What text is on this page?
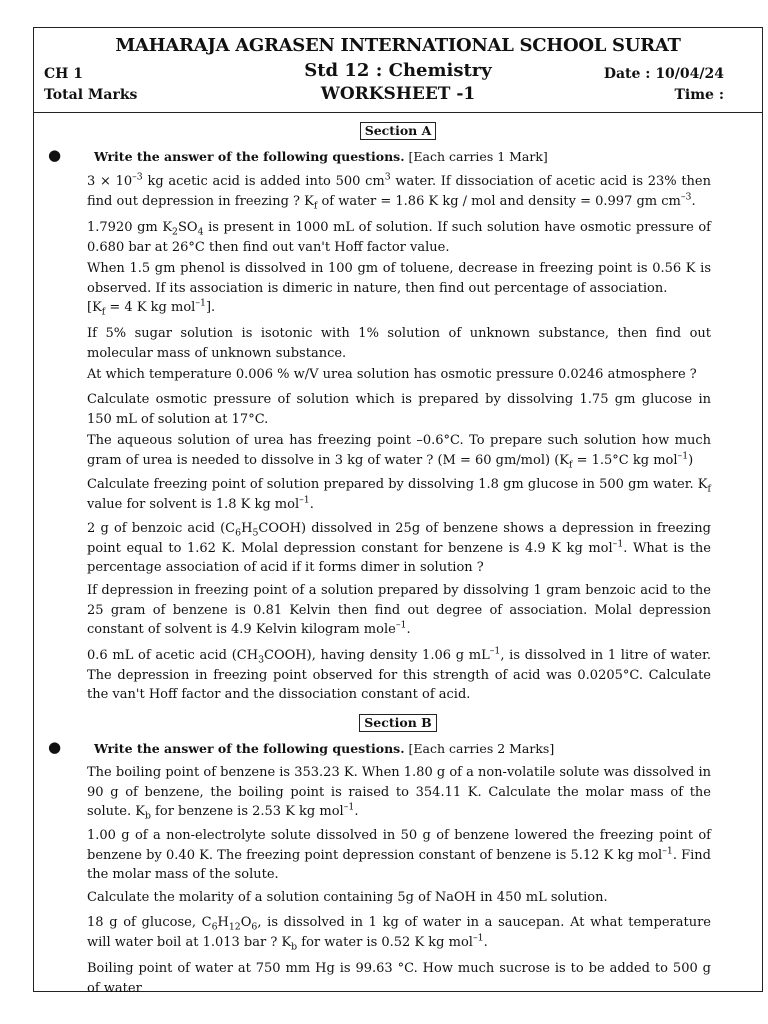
MAHARAJA AGRASEN INTERNATIONAL SCHOOL SURAT
Std 12 : Chemistry
WORKSHEET -1
CH 1
Total Marks
Date : 10/04/24
Time :
Section A
●	Write the answer of the following questions. [Each carries 1 Mark]
$3 \times 10^{-3}$ kg acetic acid is added into 500 $cm^3$ water. If dissociation of acetic acid is 23% then find out depression in freezing ? $K_f$ of water = 1.86 K kg / mol and density = 0.997 gm $cm^{-3}$.
1.7920 gm $K_2SO_4$ is present in 1000 mL of solution. If such solution have osmotic pressure of 0.680 bar at 26°C then find out van't Hoff factor value.
When 1.5 gm phenol is dissolved in 100 gm of toluene, decrease in freezing point is 0.56 K is observed. If its association is dimeric in nature, then find out percentage of association.
[$K_f = 4$ K kg mol$^{-1}$].
If 5% sugar solution is isotonic with 1% solution of unknown substance, then find out molecular mass of unknown substance.
At which temperature 0.006 % w/V urea solution has osmotic pressure 0.0246 atmosphere ?
Calculate osmotic pressure of solution which is prepared by dissolving 1.75 gm glucose in 150 mL of solution at 17°C.
The aqueous solution of urea has freezing point –0.6°C. To prepare such solution how much gram of urea is needed to dissolve in 3 kg of water ? (M = 60 gm/mol) ($K_f = 1.5^\circ C$ kg mol$^{-1}$)
Calculate freezing point of solution prepared by dissolving 1.8 gm glucose in 500 gm water. $K_f$ value for solvent is 1.8 K kg mol$^{-1}$.
2 g of benzoic acid $(C_6H_5COOH)$ dissolved in 25g of benzene shows a depression in freezing point equal to 1.62 K. Molal depression constant for benzene is 4.9 K kg mol$^{-1}$. What is the percentage association of acid if it forms dimer in solution ?
If depression in freezing point of a solution prepared by dissolving 1 gram benzoic acid to the 25 gram of benzene is 0.81 Kelvin then find out degree of association. Molal depression constant of solvent is 4.9 Kelvin kilogram mole$^{-1}$.
0.6 mL of acetic acid $(CH_3COOH)$, having density 1.06 g $mL^{-1}$, is dissolved in 1 litre of water. The depression in freezing point observed for this strength of acid was 0.0205°C. Calculate the van't Hoff factor and the dissociation constant of acid.
Section B
●	Write the answer of the following questions. [Each carries 2 Marks]
The boiling point of benzene is 353.23 K. When 1.80 g of a non-volatile solute was dissolved in 90 g of benzene, the boiling point is raised to 354.11 K. Calculate the molar mass of the solute. $K_b$ for benzene is 2.53 K kg mol$^{-1}$.
1.00 g of a non-electrolyte solute dissolved in 50 g of benzene lowered the freezing point of benzene by 0.40 K. The freezing point depression constant of benzene is 5.12 K kg mol$^{-1}$. Find the molar mass of the solute.
Calculate the molarity of a solution containing 5g of NaOH in 450 mL solution.
18 g of glucose, $C_6H_{12}O_6$, is dissolved in 1 kg of water in a saucepan. At what temperature will water boil at 1.013 bar ? $K_b$ for water is 0.52 K kg mol$^{-1}$.
Boiling point of water at 750 mm Hg is 99.63 °C. How much sucrose is to be added to 500 g of water
